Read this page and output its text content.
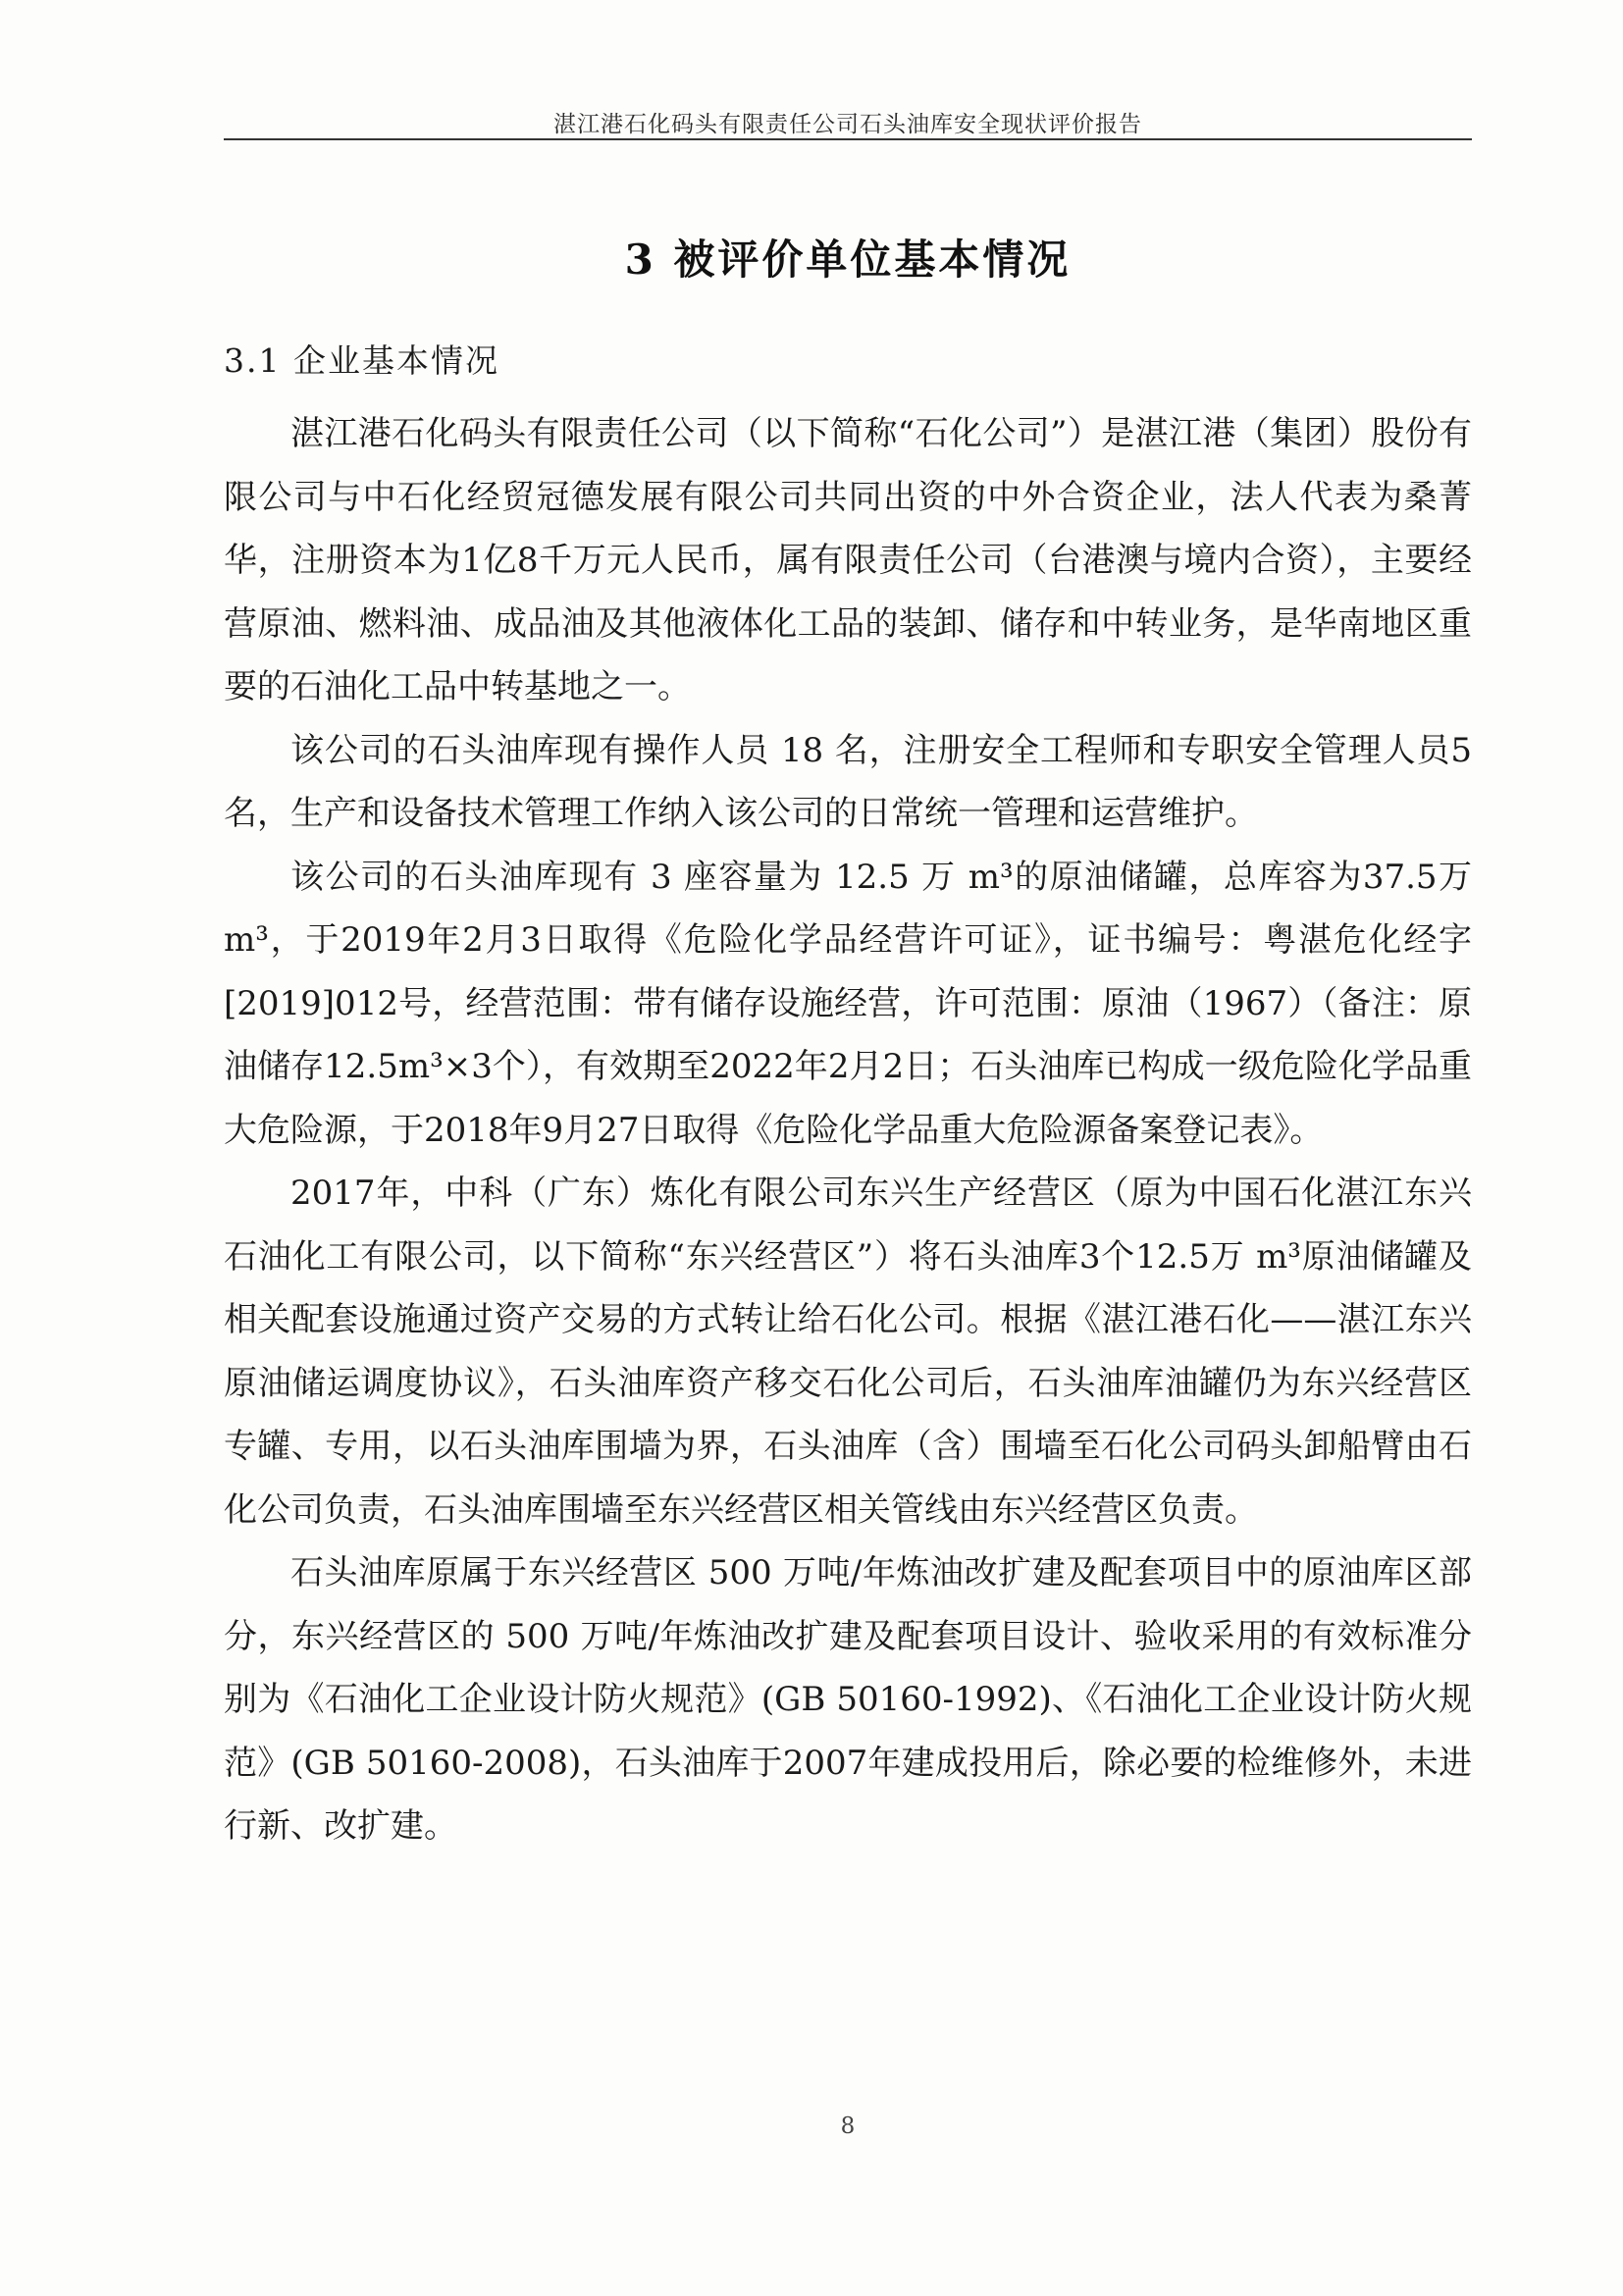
湛江港石化码头有限责任公司石头油库安全现状评价报告
3 被评价单位基本情况
3.1 企业基本情况

湛江港石化码头有限责任公司（以下简称“石化公司”）是湛江港（集团）股份有限公司与中石化经贸冠德发展有限公司共同出资的中外合资企业，法人代表为桑菁华，注册资本为1亿8千万元人民币，属有限责任公司（台港澳与境内合资），主要经营原油、燃料油、成品油及其他液体化工品的装卸、储存和中转业务，是华南地区重要的石油化工品中转基地之一。

该公司的石头油库现有操作人员 18 名，注册安全工程师和专职安全管理人员5名，生产和设备技术管理工作纳入该公司的日常统一管理和运营维护。

该公司的石头油库现有 3 座容量为 12.5 万 m³的原油储罐，总库容为37.5万m³，于2019年2月3日取得《危险化学品经营许可证》，证书编号：粤湛危化经字[2019]012号，经营范围：带有储存设施经营，许可范围：原油（1967）（备注：原油储存12.5m³×3个），有效期至2022年2月2日；石头油库已构成一级危险化学品重大危险源，于2018年9月27日取得《危险化学品重大危险源备案登记表》。

2017年，中科（广东）炼化有限公司东兴生产经营区（原为中国石化湛江东兴石油化工有限公司，以下简称“东兴经营区”）将石头油库3个12.5万 m³原油储罐及相关配套设施通过资产交易的方式转让给石化公司。根据《湛江港石化——湛江东兴原油储运调度协议》，石头油库资产移交石化公司后，石头油库油罐仍为东兴经营区专罐、专用，以石头油库围墙为界，石头油库（含）围墙至石化公司码头卸船臂由石化公司负责，石头油库围墙至东兴经营区相关管线由东兴经营区负责。

石头油库原属于东兴经营区 500 万吨/年炼油改扩建及配套项目中的原油库区部分，东兴经营区的 500 万吨/年炼油改扩建及配套项目设计、验收采用的有效标准分别为《石油化工企业设计防火规范》(GB 50160-1992)、《石油化工企业设计防火规范》(GB 50160-2008)，石头油库于2007年建成投用后，除必要的检维修外，未进行新、改扩建。

8
